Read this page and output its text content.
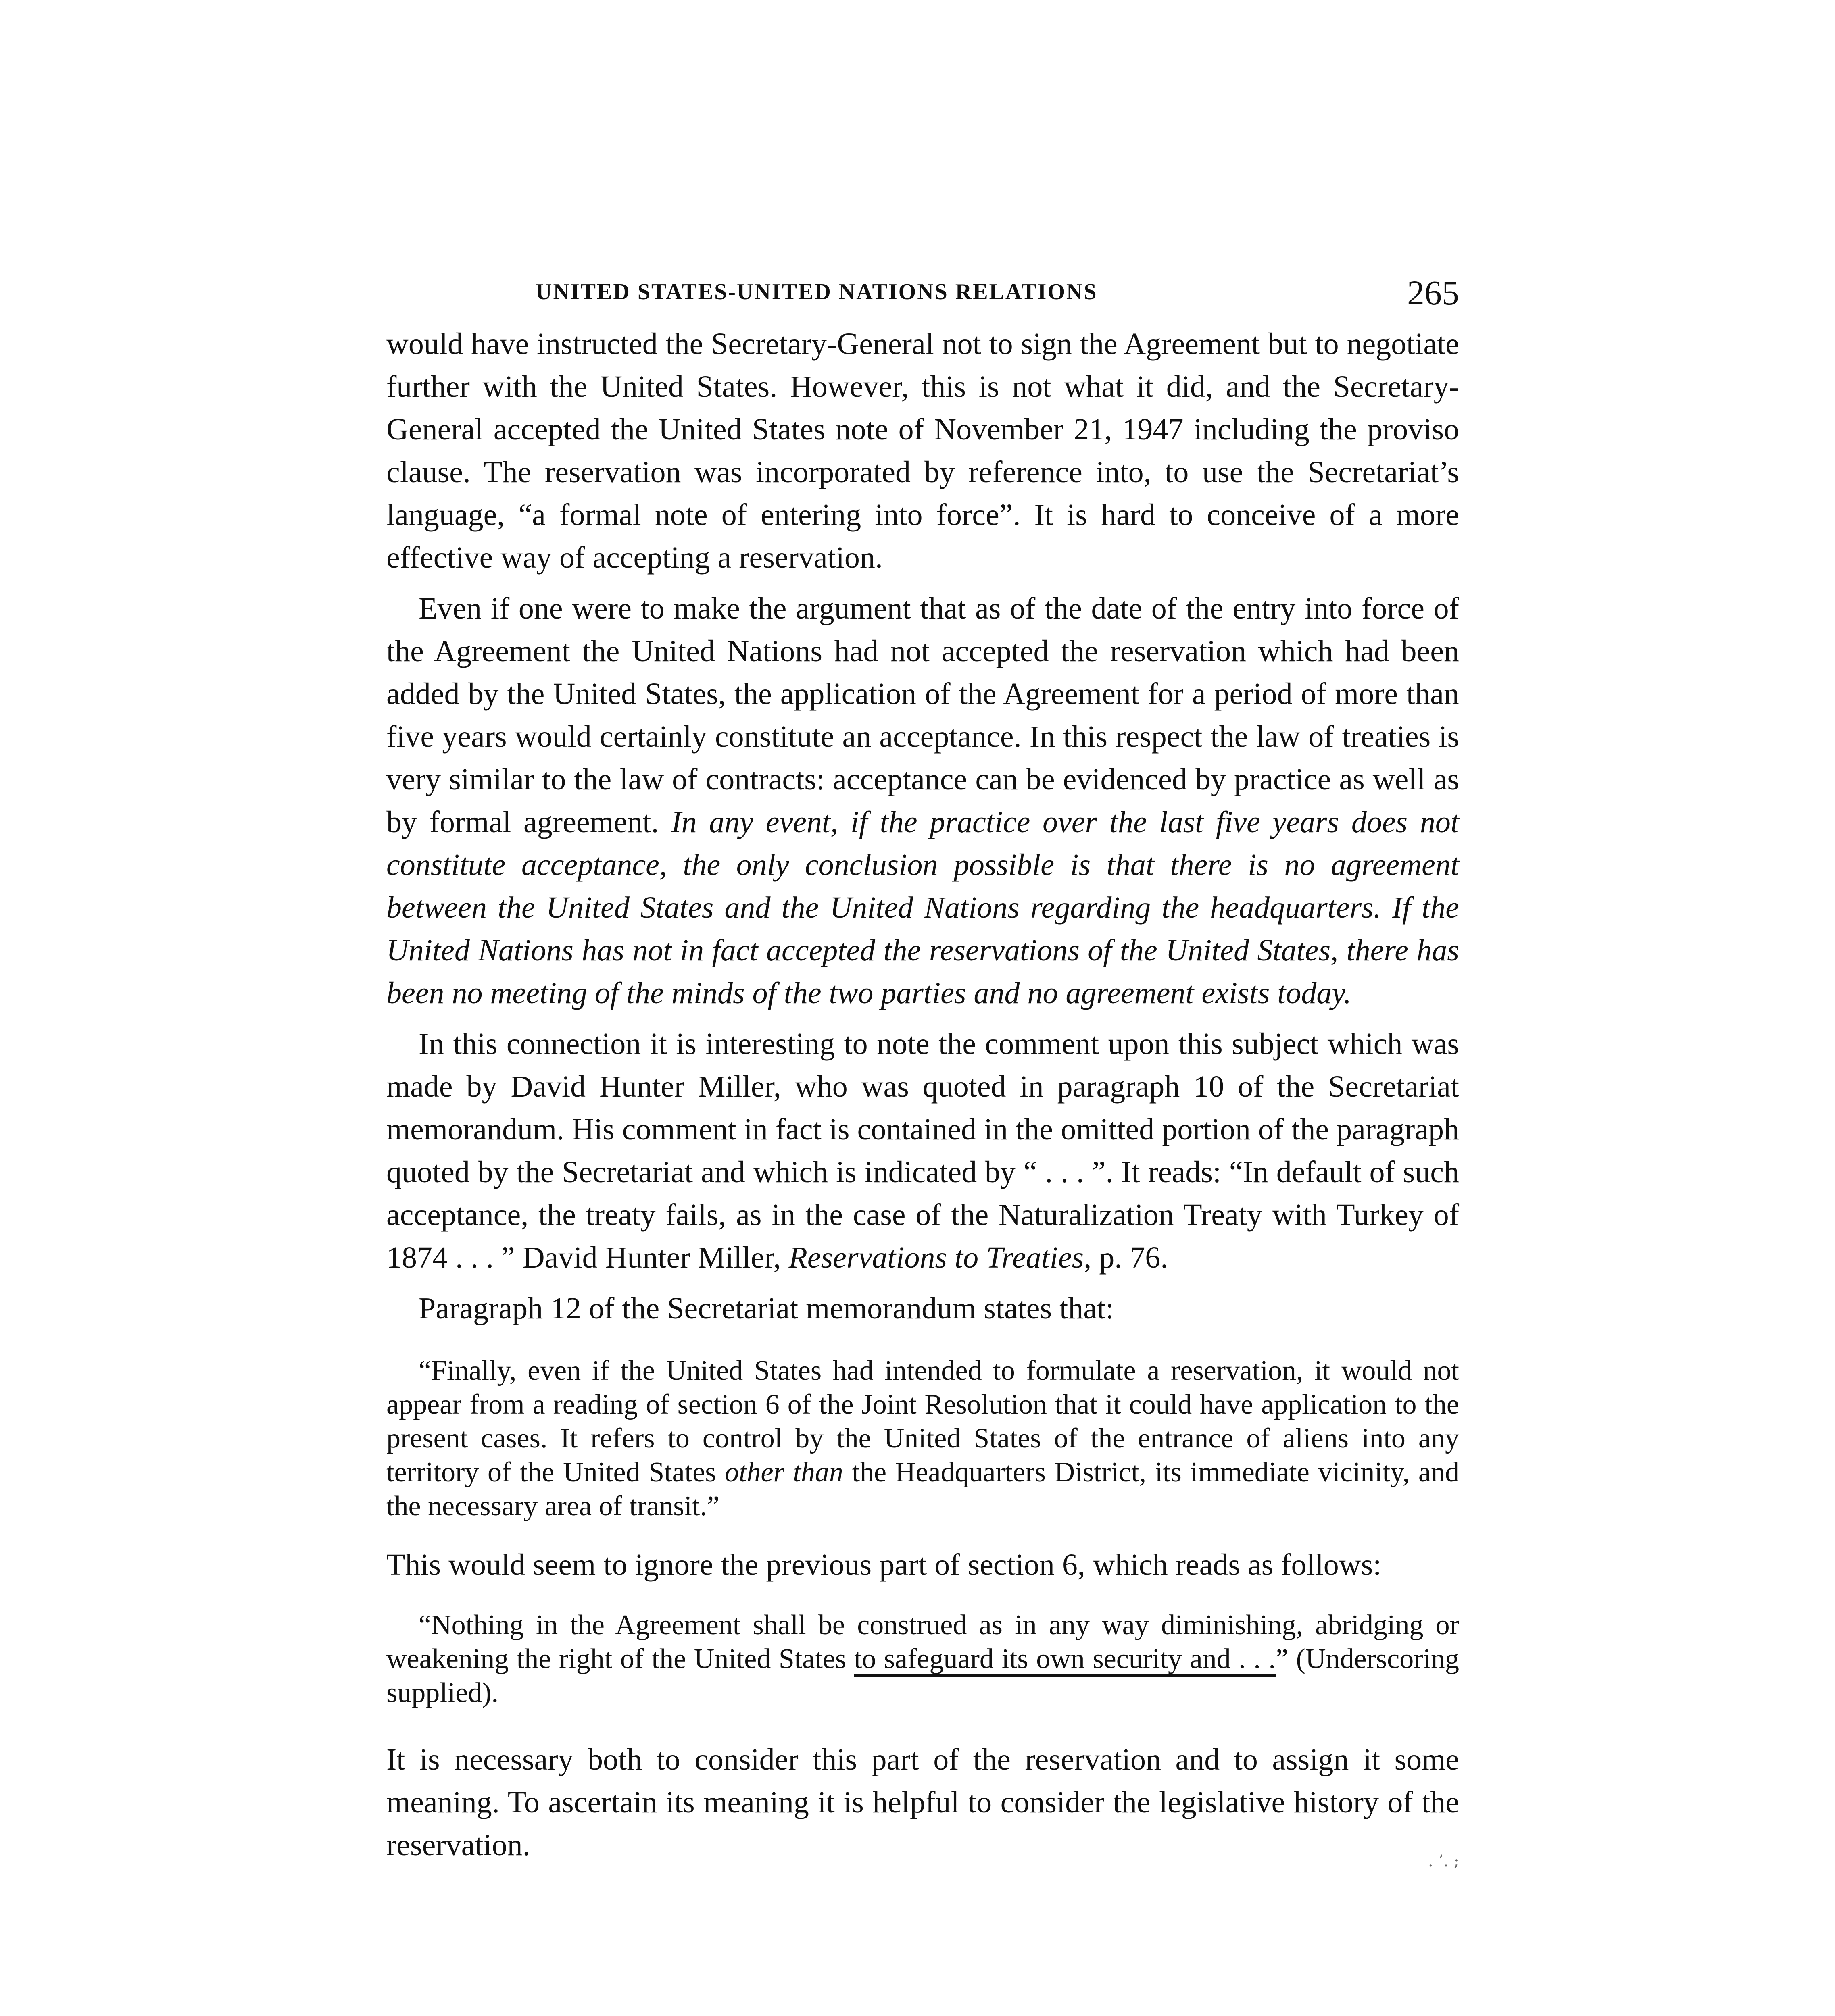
UNITED STATES-UNITED NATIONS RELATIONS	265

would have instructed the Secretary-General not to sign the Agreement but to negotiate further with the United States. However, this is not what it did, and the Secretary-General accepted the United States note of November 21, 1947 including the proviso clause. The reservation was incorporated by reference into, to use the Secretariat’s language, “a formal note of entering into force”. It is hard to conceive of a more effective way of accepting a reservation.

Even if one were to make the argument that as of the date of the entry into force of the Agreement the United Nations had not accepted the reservation which had been added by the United States, the application of the Agreement for a period of more than five years would certainly constitute an acceptance. In this respect the law of treaties is very similar to the law of contracts: acceptance can be evidenced by practice as well as by formal agreement. In any event, if the practice over the last five years does not constitute acceptance, the only conclusion possible is that there is no agreement between the United States and the United Nations regarding the headquarters. If the United Nations has not in fact accepted the reservations of the United States, there has been no meeting of the minds of the two parties and no agreement exists today.

In this connection it is interesting to note the comment upon this subject which was made by David Hunter Miller, who was quoted in paragraph 10 of the Secretariat memorandum. His comment in fact is contained in the omitted portion of the paragraph quoted by the Secretariat and which is indicated by “ . . . ”. It reads: “In default of such acceptance, the treaty fails, as in the case of the Naturalization Treaty with Turkey of 1874 . . . ” David Hunter Miller, Reservations to Treaties, p. 76.

Paragraph 12 of the Secretariat memorandum states that:

“Finally, even if the United States had intended to formulate a reservation, it would not appear from a reading of section 6 of the Joint Resolution that it could have application to the present cases. It refers to control by the United States of the entrance of aliens into any territory of the United States other than the Headquarters District, its immediate vicinity, and the necessary area of transit.”

This would seem to ignore the previous part of section 6, which reads as follows:

“Nothing in the Agreement shall be construed as in any way diminishing, abridging or weakening the right of the United States to safeguard its own security and . . .” (Underscoring supplied).

It is necessary both to consider this part of the reservation and to assign it some meaning. To ascertain its meaning it is helpful to consider the legislative history of the reservation.	. ’. ;
